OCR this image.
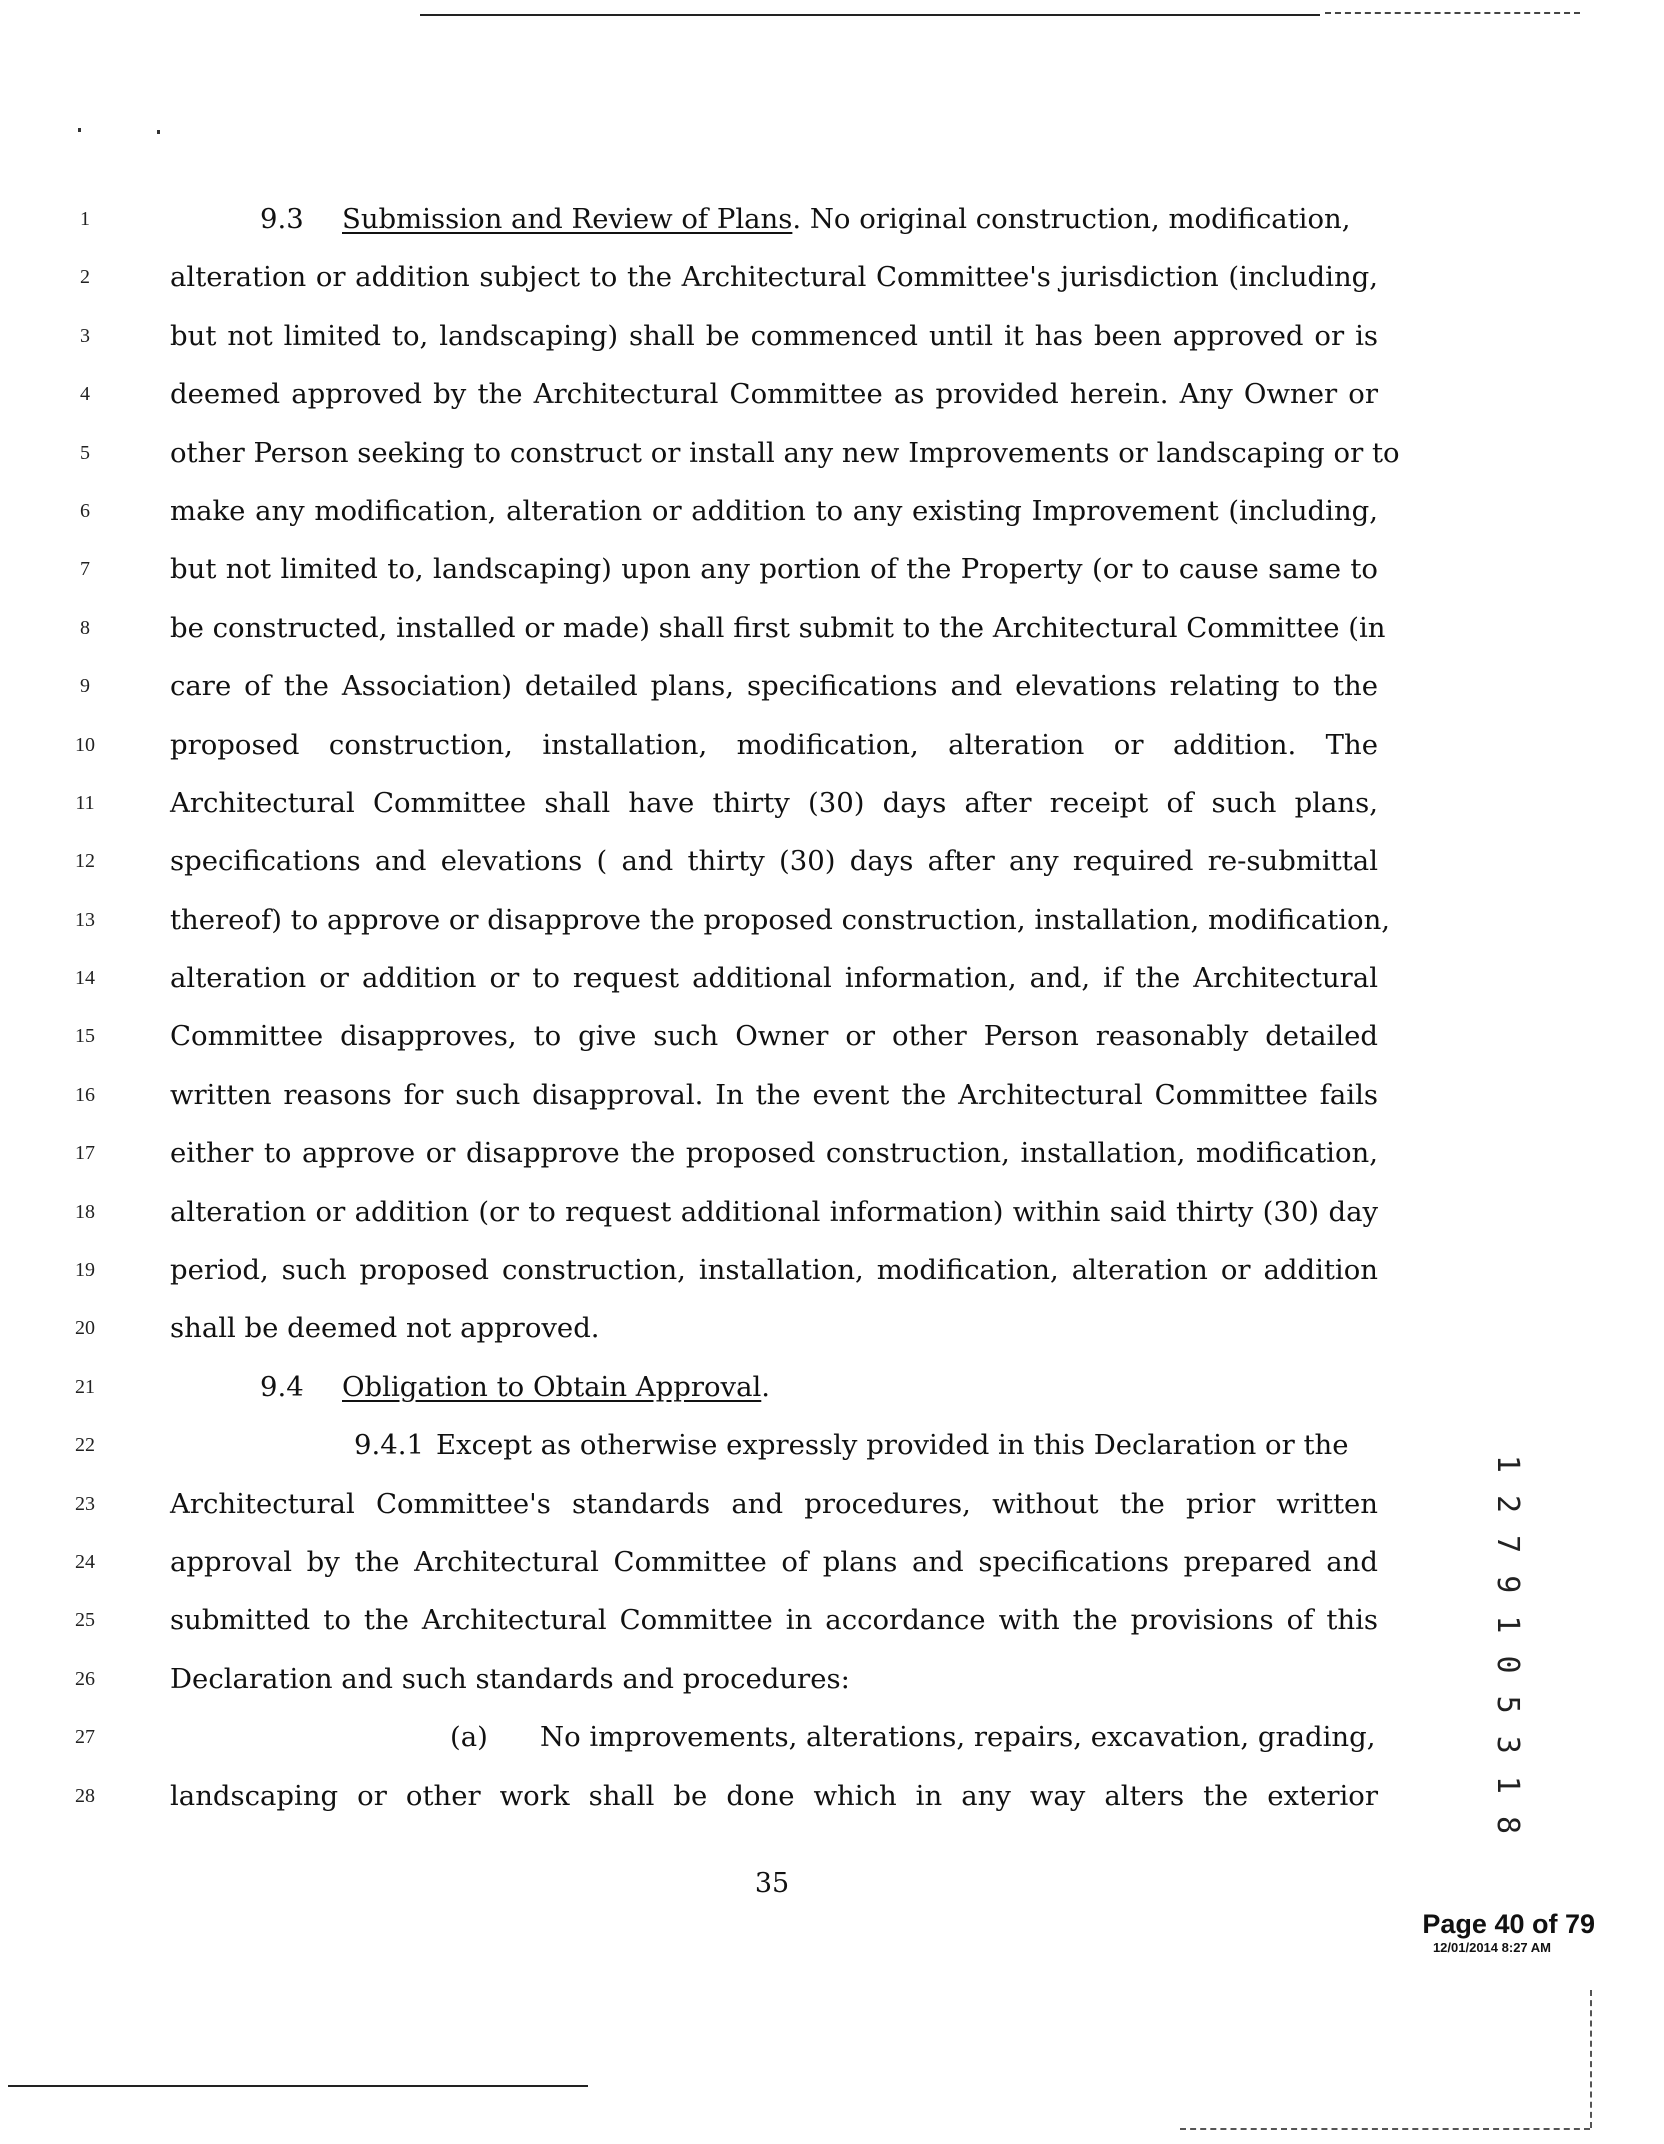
1
2
3
4
5
6
7
8
9
10
11
12
13
14
15
16
17
18
19
20
21
22
23
24
25
26
27
28
9.3 Submission and Review of Plans. No original construction, modification,
alteration or addition subject to the Architectural Committee's jurisdiction (including,
but not limited to, landscaping) shall be commenced until it has been approved or is
deemed approved by the Architectural Committee as provided herein. Any Owner or
other Person seeking to construct or install any new Improvements or landscaping or to
make any modification, alteration or addition to any existing Improvement (including,
but not limited to, landscaping) upon any portion of the Property (or to cause same to
be constructed, installed or made) shall first submit to the Architectural Committee (in
care of the Association) detailed plans, specifications and elevations relating to the
proposed construction, installation, modification, alteration or addition. The
Architectural Committee shall have thirty (30) days after receipt of such plans,
specifications and elevations ( and thirty (30) days after any required re-submittal
thereof) to approve or disapprove the proposed construction, installation, modification,
alteration or addition or to request additional information, and, if the Architectural
Committee disapproves, to give such Owner or other Person reasonably detailed
written reasons for such disapproval. In the event the Architectural Committee fails
either to approve or disapprove the proposed construction, installation, modification,
alteration or addition (or to request additional information) within said thirty (30) day
period, such proposed construction, installation, modification, alteration or addition
shall be deemed not approved.
9.4 Obligation to Obtain Approval.
9.4.1 Except as otherwise expressly provided in this Declaration or the
Architectural Committee's standards and procedures, without the prior written
approval by the Architectural Committee of plans and specifications prepared and
submitted to the Architectural Committee in accordance with the provisions of this
Declaration and such standards and procedures:
(a) No improvements, alterations, repairs, excavation, grading,
landscaping or other work shall be done which in any way alters the exterior
35
1 2 7 9 1 0 5 3 1 8
Page 40 of 79
12/01/2014 8:27 AM
